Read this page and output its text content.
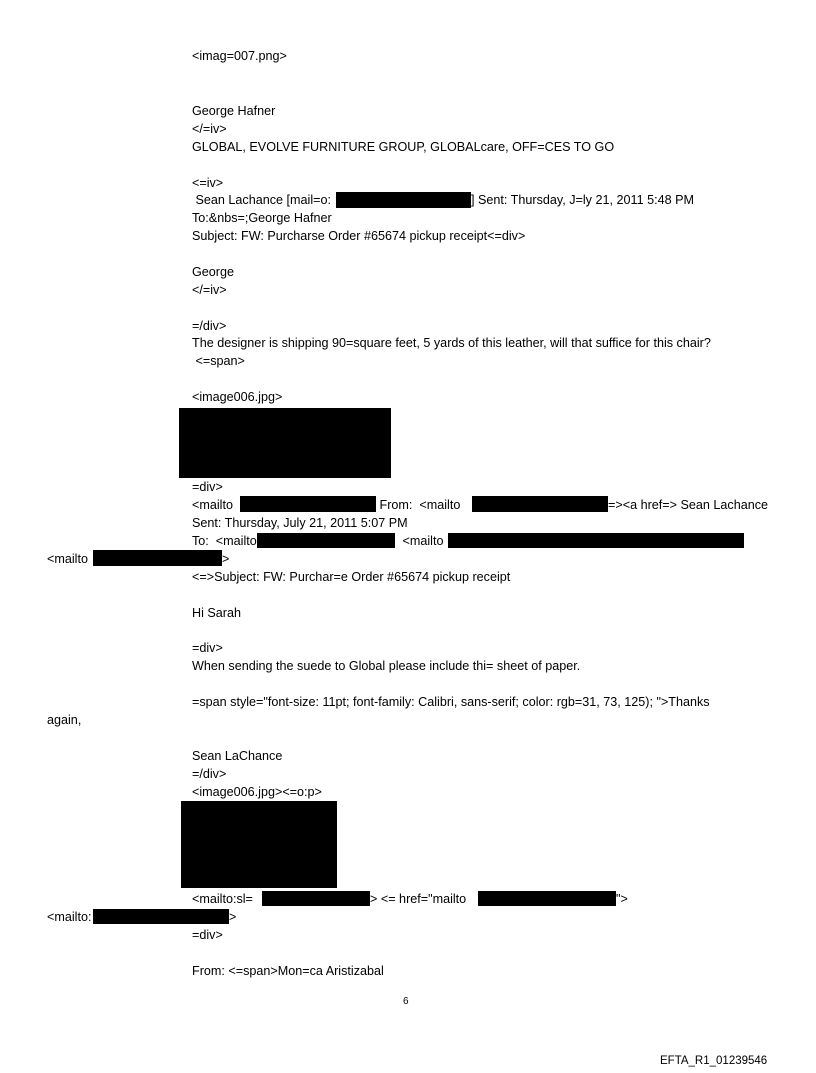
<imag=007.png>
George Hafner
</=iv>
GLOBAL, EVOLVE FURNITURE GROUP, GLOBALcare, OFF=CES TO GO
<=iv>
Sean Lachance [mail=o:	] Sent: Thursday, J=ly 21, 2011 5:48 PM
To:&nbs=;George Hafner
Subject: FW: Purcharse Order #65674 pickup receipt<=div>
George
</=iv>
=/div>
The designer is shipping 90=square feet, 5 yards of this leather, will that suffice for this chair?
<=span>
<image006.jpg>
=div>
<mailto	From:  <mailto	=><a href=> Sean Lachance
Sent: Thursday, July 21, 2011 5:07 PM
To:  <mailto	<mailto
<mailto	>
<=>Subject: FW: Purchar=e Order #65674 pickup receipt
Hi Sarah
=div>
When sending the suede to Global please include thi= sheet of paper.
=span style="font-size: 11pt; font-family: Calibri, sans-serif; color: rgb=31, 73, 125); ">Thanks
again,
Sean LaChance
=/div>
<image006.jpg><=o:p>
<mailto:sl=	> <= href="mailto	">
<mailto:	>
=div>
From: <=span>Mon=ca Aristizabal
6
EFTA_R1_01239546
